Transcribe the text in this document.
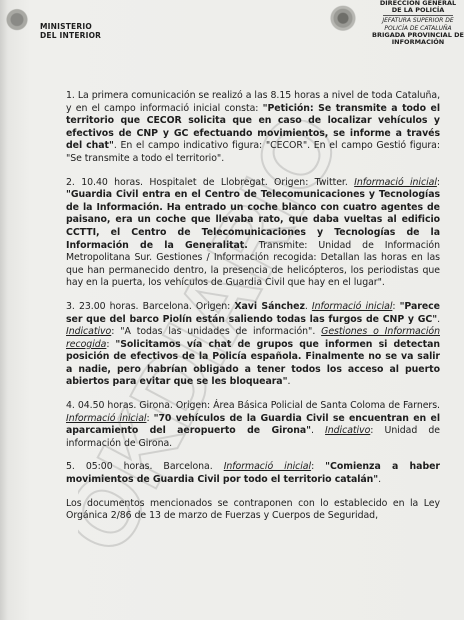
MINISTERIO
DEL INTERIOR
DIRECCIÓN GENERAL
DE LA POLICÍA
JEFATURA SUPERIOR DE
POLICÍA DE CATALUÑA
BRIGADA PROVINCIAL DE
INFORMACIÓN

1. La primera comunicación se realizó a las 8.15 horas a nivel de toda Cataluña, y en el campo informació inicial consta: "Petición: Se transmite a todo el territorio que CECOR solicita que en caso de localizar vehículos y efectivos de CNP y GC efectuando movimientos, se informe a través del chat". En el campo indicativo figura: "CECOR". En el campo Gestió figura: "Se transmite a todo el territorio".

2. 10.40 horas. Hospitalet de Llobregat. Origen: Twitter. Informació inicial: "Guardia Civil entra en el Centro de Telecomunicaciones y Tecnologías de la Información. Ha entrado un coche blanco con cuatro agentes de paisano, era un coche que llevaba rato, que daba vueltas al edificio CCTTI, el Centro de Telecomunicaciones y Tecnologías de la Información de la Generalitat. Transmite: Unidad de Información Metropolitana Sur. Gestiones / Información recogida: Detallan las horas en las que han permanecido dentro, la presencia de helicópteros, los periodistas que hay en la puerta, los vehículos de Guardia Civil que hay en el lugar".

3. 23.00 horas. Barcelona. Origen: Xavi Sánchez. Informació inicial: "Parece ser que del barco Piolín están saliendo todas las furgos de CNP y GC". Indicativo: "A todas las unidades de información". Gestiones o Información recogida: "Solicitamos vía chat de grupos que informen si detectan posición de efectivos de la Policía española. Finalmente no se va salir a nadie, pero habrían obligado a tener todos los acceso al puerto abiertos para evitar que se les bloqueara".

4. 04.50 horas. Girona. Origen: Área Básica Policial de Santa Coloma de Farners. Informació inicial: "70 vehículos de la Guardia Civil se encuentran en el aparcamiento del aeropuerto de Girona". Indicativo: Unidad de información de Girona.

5. 05:00 horas. Barcelona. Informació inicial: "Comienza a haber movimientos de Guardia Civil por todo el territorio catalán".

Los documentos mencionados se contraponen con lo establecido en la Ley Orgánica 2/86 de 13 de marzo de Fuerzas y Cuerpos de Seguridad,

OKDIARIO
